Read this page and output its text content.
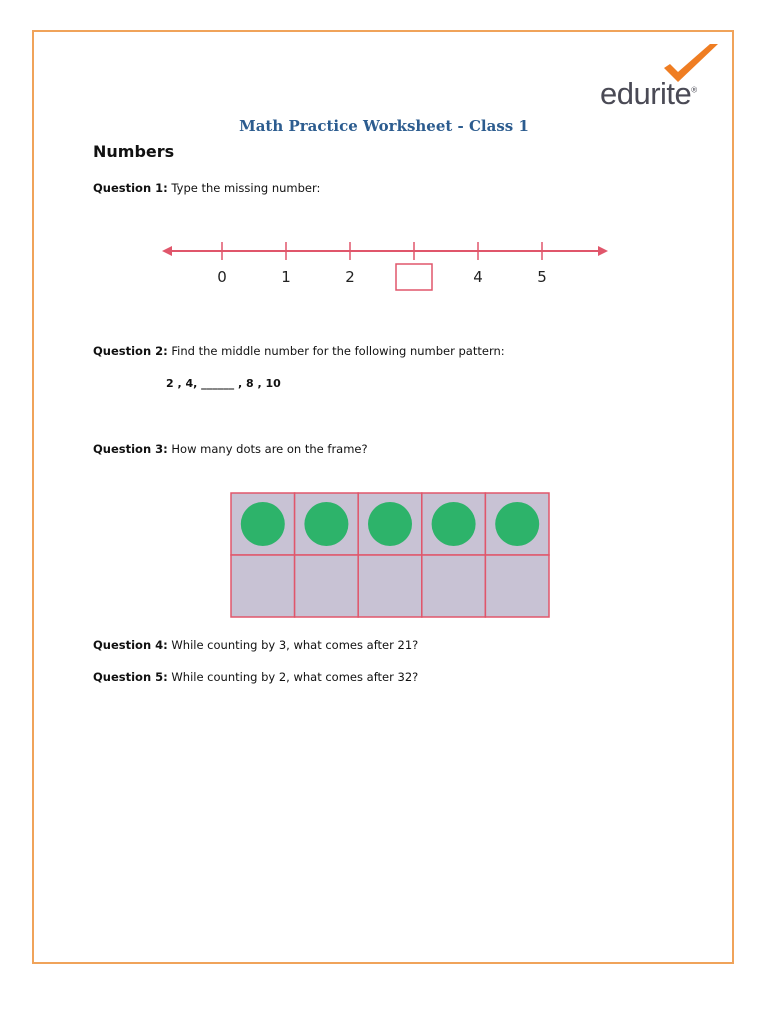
edurite®
Math Practice Worksheet - Class 1
Numbers
Question 1: Type the missing number:
0	1	2	4	5
Question 2: Find the middle number for the following number pattern:
2 , 4, ______ , 8 , 10
Question 3: How many dots are on the frame?
Question 4: While counting by 3, what comes after 21?
Question 5: While counting by 2, what comes after 32?
